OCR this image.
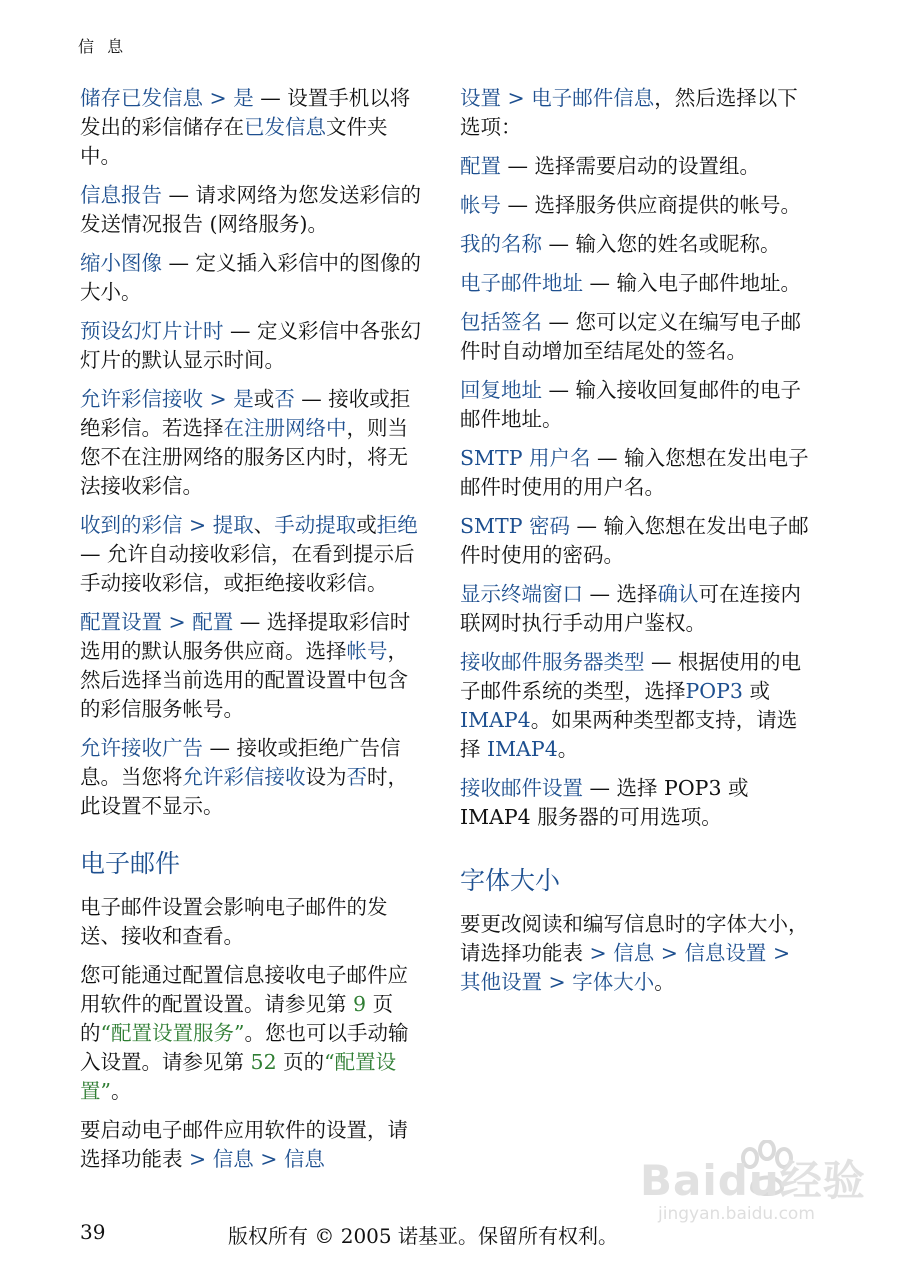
信 息

储存已发信息 > 是 — 设置手机以将发出的彩信储存在已发信息文件夹中。

信息报告 — 请求网络为您发送彩信的发送情况报告 (网络服务)。

缩小图像 — 定义插入彩信中的图像的大小。

预设幻灯片计时 — 定义彩信中各张幻灯片的默认显示时间。

允许彩信接收 > 是或否 — 接收或拒绝彩信。若选择在注册网络中，则当您不在注册网络的服务区内时，将无法接收彩信。

收到的彩信 > 提取、手动提取或拒绝 — 允许自动接收彩信，在看到提示后手动接收彩信，或拒绝接收彩信。

配置设置 > 配置 — 选择提取彩信时选用的默认服务供应商。选择帐号，然后选择当前选用的配置设置中包含的彩信服务帐号。

允许接收广告 — 接收或拒绝广告信息。当您将允许彩信接收设为否时，此设置不显示。

电子邮件

电子邮件设置会影响电子邮件的发送、接收和查看。

您可能通过配置信息接收电子邮件应用软件的配置设置。请参见第 9 页的“配置设置服务”。您也可以手动输入设置。请参见第 52 页的“配置设置”。

要启动电子邮件应用软件的设置，请选择功能表 > 信息 > 信息

设置 > 电子邮件信息，然后选择以下选项：

配置 — 选择需要启动的设置组。

帐号 — 选择服务供应商提供的帐号。

我的名称 — 输入您的姓名或昵称。

电子邮件地址 — 输入电子邮件地址。

包括签名 — 您可以定义在编写电子邮件时自动增加至结尾处的签名。

回复地址 — 输入接收回复邮件的电子邮件地址。

SMTP 用户名 — 输入您想在发出电子邮件时使用的用户名。

SMTP 密码 — 输入您想在发出电子邮件时使用的密码。

显示终端窗口 — 选择确认可在连接内联网时执行手动用户鉴权。

接收邮件服务器类型 — 根据使用的电子邮件系统的类型，选择POP3 或 IMAP4。如果两种类型都支持，请选择 IMAP4。

接收邮件设置 — 选择 POP3 或 IMAP4 服务器的可用选项。

字体大小

要更改阅读和编写信息时的字体大小，请选择功能表 > 信息 > 信息设置 > 其他设置 > 字体大小。

Baidu经验
jingyan.baidu.com
39	版权所有 © 2005 诺基亚。保留所有权利。
